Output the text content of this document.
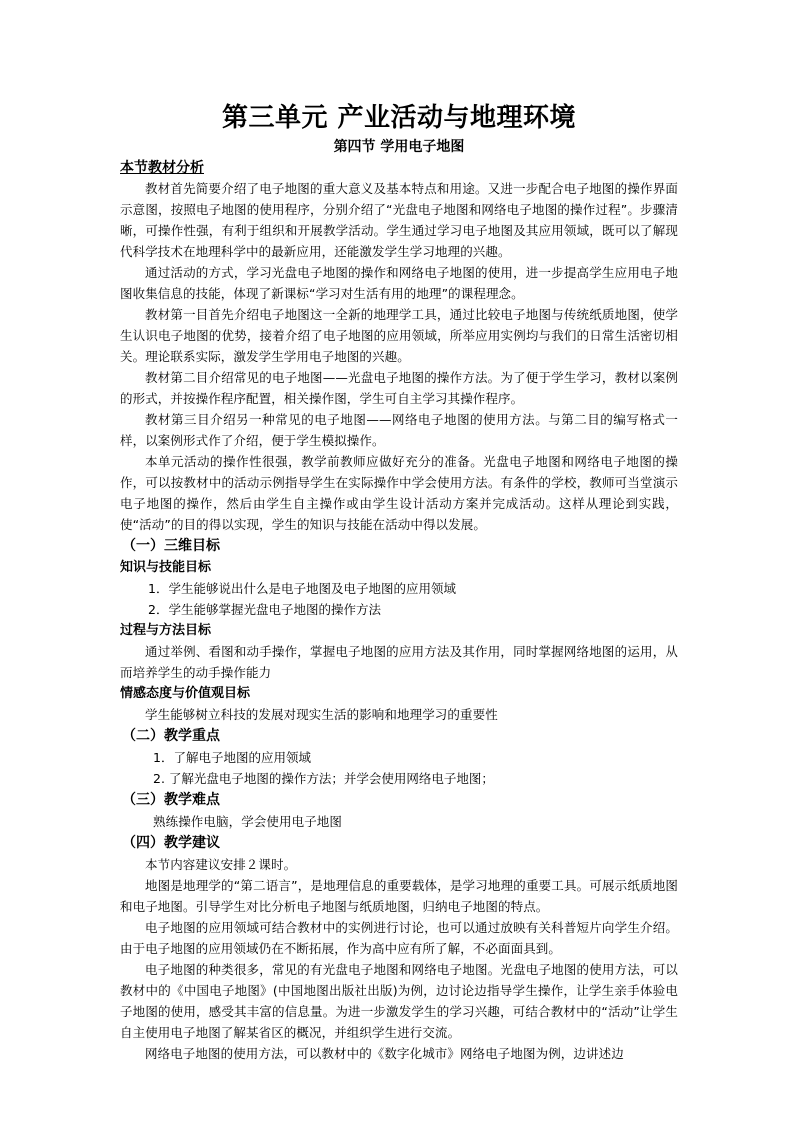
第三单元 产业活动与地理环境
第四节 学用电子地图
本节教材分析

教材首先简要介绍了电子地图的重大意义及基本特点和用途。又进一步配合电子地图的操作界面示意图，按照电子地图的使用程序，分别介绍了“光盘电子地图和网络电子地图的操作过程”。步骤清晰，可操作性强，有利于组织和开展教学活动。学生通过学习电子地图及其应用领域，既可以了解现代科学技术在地理科学中的最新应用，还能激发学生学习地理的兴趣。

通过活动的方式，学习光盘电子地图的操作和网络电子地图的使用，进一步提高学生应用电子地图收集信息的技能，体现了新课标“学习对生活有用的地理”的课程理念。

教材第一目首先介绍电子地图这一全新的地理学工具，通过比较电子地图与传统纸质地图，使学生认识电子地图的优势，接着介绍了电子地图的应用领域，所举应用实例均与我们的日常生活密切相关。理论联系实际，激发学生学用电子地图的兴趣。

教材第二目介绍常见的电子地图——光盘电子地图的操作方法。为了便于学生学习，教材以案例的形式，并按操作程序配置，相关操作图，学生可自主学习其操作程序。

教材第三目介绍另一种常见的电子地图——网络电子地图的使用方法。与第二目的编写格式一样，以案例形式作了介绍，便于学生模拟操作。

本单元活动的操作性很强，教学前教师应做好充分的准备。光盘电子地图和网络电子地图的操作，可以按教材中的活动示例指导学生在实际操作中学会使用方法。有条件的学校，教师可当堂演示电子地图的操作，然后由学生自主操作或由学生设计活动方案并完成活动。这样从理论到实践，使“活动”的目的得以实现，学生的知识与技能在活动中得以发展。

（一）三维目标
知识与技能目标

1．学生能够说出什么是电子地图及电子地图的应用领域

2．学生能够掌握光盘电子地图的操作方法

过程与方法目标

通过举例、看图和动手操作，掌握电子地图的应用方法及其作用，同时掌握网络地图的运用，从而培养学生的动手操作能力

情感态度与价值观目标

学生能够树立科技的发展对现实生活的影响和地理学习的重要性

（二）教学重点

1．了解电子地图的应用领域

2. 了解光盘电子地图的操作方法；并学会使用网络电子地图；

（三）教学难点

熟练操作电脑，学会使用电子地图

（四）教学建议

本节内容建议安排２课时。

地图是地理学的“第二语言”，是地理信息的重要载体，是学习地理的重要工具。可展示纸质地图和电子地图。引导学生对比分析电子地图与纸质地图，归纳电子地图的特点。

电子地图的应用领域可结合教材中的实例进行讨论，也可以通过放映有关科普短片向学生介绍。由于电子地图的应用领域仍在不断拓展，作为高中应有所了解，不必面面具到。

电子地图的种类很多，常见的有光盘电子地图和网络电子地图。光盘电子地图的使用方法，可以教材中的《中国电子地图》(中国地图出版社出版)为例，边讨论边指导学生操作，让学生亲手体验电子地图的使用，感受其丰富的信息量。为进一步激发学生的学习兴趣，可结合教材中的“活动”让学生自主使用电子地图了解某省区的概况，并组织学生进行交流。

网络电子地图的使用方法，可以教材中的《数字化城市》网络电子地图为例，边讲述边
